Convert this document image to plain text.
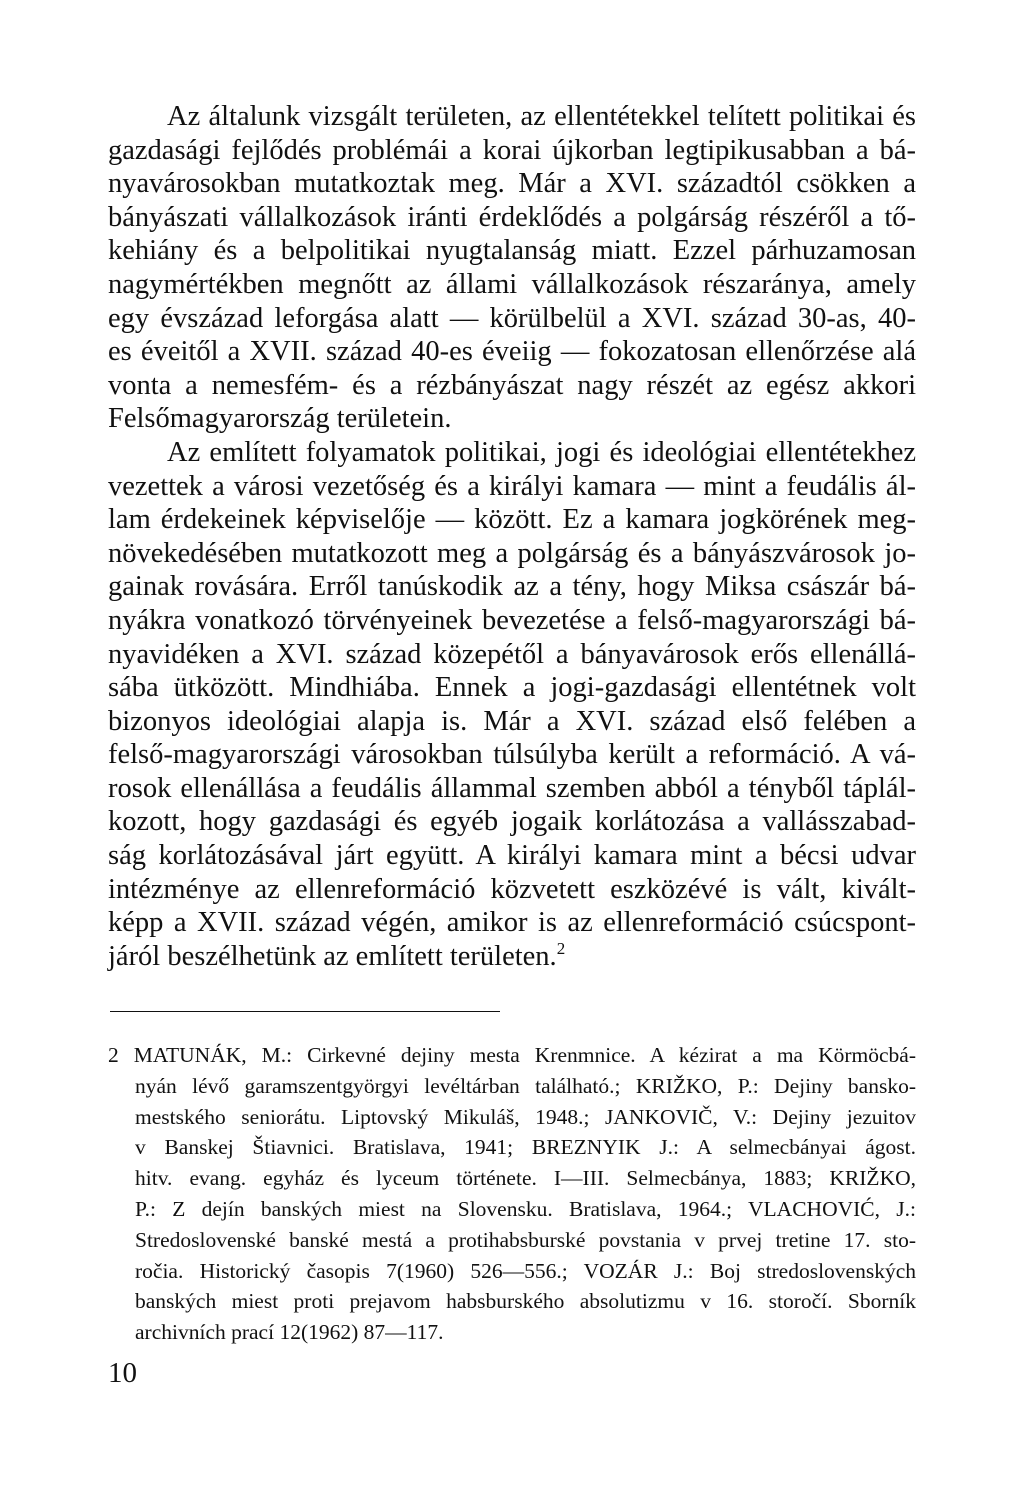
Az általunk vizsgált területen, az ellentétekkel telített politikai és
gazdasági fejlődés problémái a korai újkorban legtipikusabban a bá-
nyavárosokban mutatkoztak meg. Már a XVI. századtól csökken a
bányászati vállalkozások iránti érdeklődés a polgárság részéről a tő-
kehiány és a belpolitikai nyugtalanság miatt. Ezzel párhuzamosan
nagymértékben megnőtt az állami vállalkozások részaránya, amely
egy évszázad leforgása alatt — körülbelül a XVI. század 30-as, 40-
es éveitől a XVII. század 40-es éveiig — fokozatosan ellenőrzése alá
vonta a nemesfém- és a rézbányászat nagy részét az egész akkori
Felsőmagyarország területein.
Az említett folyamatok politikai, jogi és ideológiai ellentétekhez
vezettek a városi vezetőség és a királyi kamara — mint a feudális ál-
lam érdekeinek képviselője — között. Ez a kamara jogkörének meg-
növekedésében mutatkozott meg a polgárság és a bányászvárosok jo-
gainak rovására. Erről tanúskodik az a tény, hogy Miksa császár bá-
nyákra vonatkozó törvényeinek bevezetése a felső-magyarországi bá-
nyavidéken a XVI. század közepétől a bányavárosok erős ellenállá-
sába ütközött. Mindhiába. Ennek a jogi-gazdasági ellentétnek volt
bizonyos ideológiai alapja is. Már a XVI. század első felében a
felső-magyarországi városokban túlsúlyba került a reformáció. A vá-
rosok ellenállása a feudális állammal szemben abból a tényből táplál-
kozott, hogy gazdasági és egyéb jogaik korlátozása a vallásszabad-
ság korlátozásával járt együtt. A királyi kamara mint a bécsi udvar
intézménye az ellenreformáció közvetett eszközévé is vált, kivált-
képp a XVII. század végén, amikor is az ellenreformáció csúcspont-
járól beszélhetünk az említett területen.$^2$
2 MATUNÁK, M.: Cirkevné dejiny mesta Krenmnice. A kézirat a ma Körmöcbá-
nyán lévő garamszentgyörgyi levéltárban található.; KRIŽKO, P.: Dejiny bansko-
mestského seniorátu. Liptovský Mikuláš, 1948.; JANKOVIČ, V.: Dejiny jezuitov
v Banskej Štiavnici. Bratislava, 1941; BREZNYIK J.: A selmecbányai ágost.
hitv. evang. egyház és lyceum története. I—III. Selmecbánya, 1883; KRIŽKO,
P.: Z dejín banských miest na Slovensku. Bratislava, 1964.; VLACHOVIĆ, J.:
Stredoslovenské banské mestá a protihabsburské povstania v prvej tretine 17. sto-
ročia. Historický časopis 7(1960) 526—556.; VOZÁR J.: Boj stredoslovenských
banských miest proti prejavom habsburského absolutizmu v 16. storočí. Sborník
archivních prací 12(1962) 87—117.
10
